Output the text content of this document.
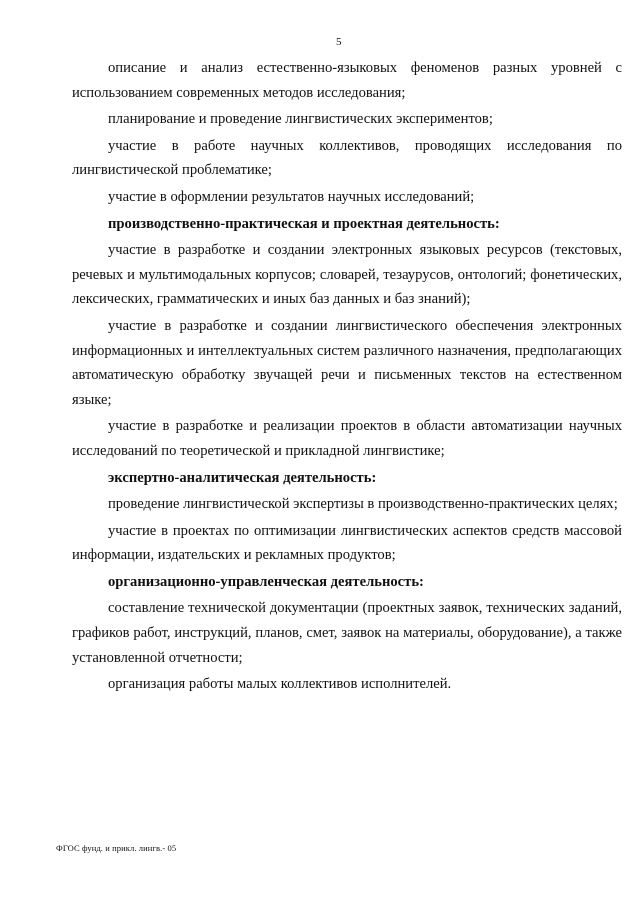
5

описание и анализ естественно-языковых феноменов разных уровней с использованием современных методов исследования;

планирование и проведение лингвистических экспериментов;

участие в работе научных коллективов, проводящих исследования по лингвистической проблематике;

участие в оформлении результатов научных исследований;

производственно-практическая и проектная деятельность:

участие в разработке и создании электронных языковых ресурсов (текстовых, речевых и мультимодальных корпусов; словарей, тезаурусов, онтологий; фонетических, лексических, грамматических и иных баз данных и баз знаний);

участие в разработке и создании лингвистического обеспечения электронных информационных и интеллектуальных систем различного назначения, предполагающих автоматическую обработку звучащей речи и письменных текстов на естественном языке;

участие в разработке и реализации проектов в области автоматизации научных исследований по теоретической и прикладной лингвистике;

экспертно-аналитическая деятельность:

проведение лингвистической экспертизы в производственно-практических целях;

участие в проектах по оптимизации лингвистических аспектов средств массовой информации, издательских и рекламных продуктов;

организационно-управленческая деятельность:

составление технической документации (проектных заявок, технических заданий, графиков работ, инструкций, планов, смет, заявок на материалы, оборудование), а также установленной отчетности;

организация работы малых коллективов исполнителей.

ФГОС фунд. и прикл. лингв.- 05
